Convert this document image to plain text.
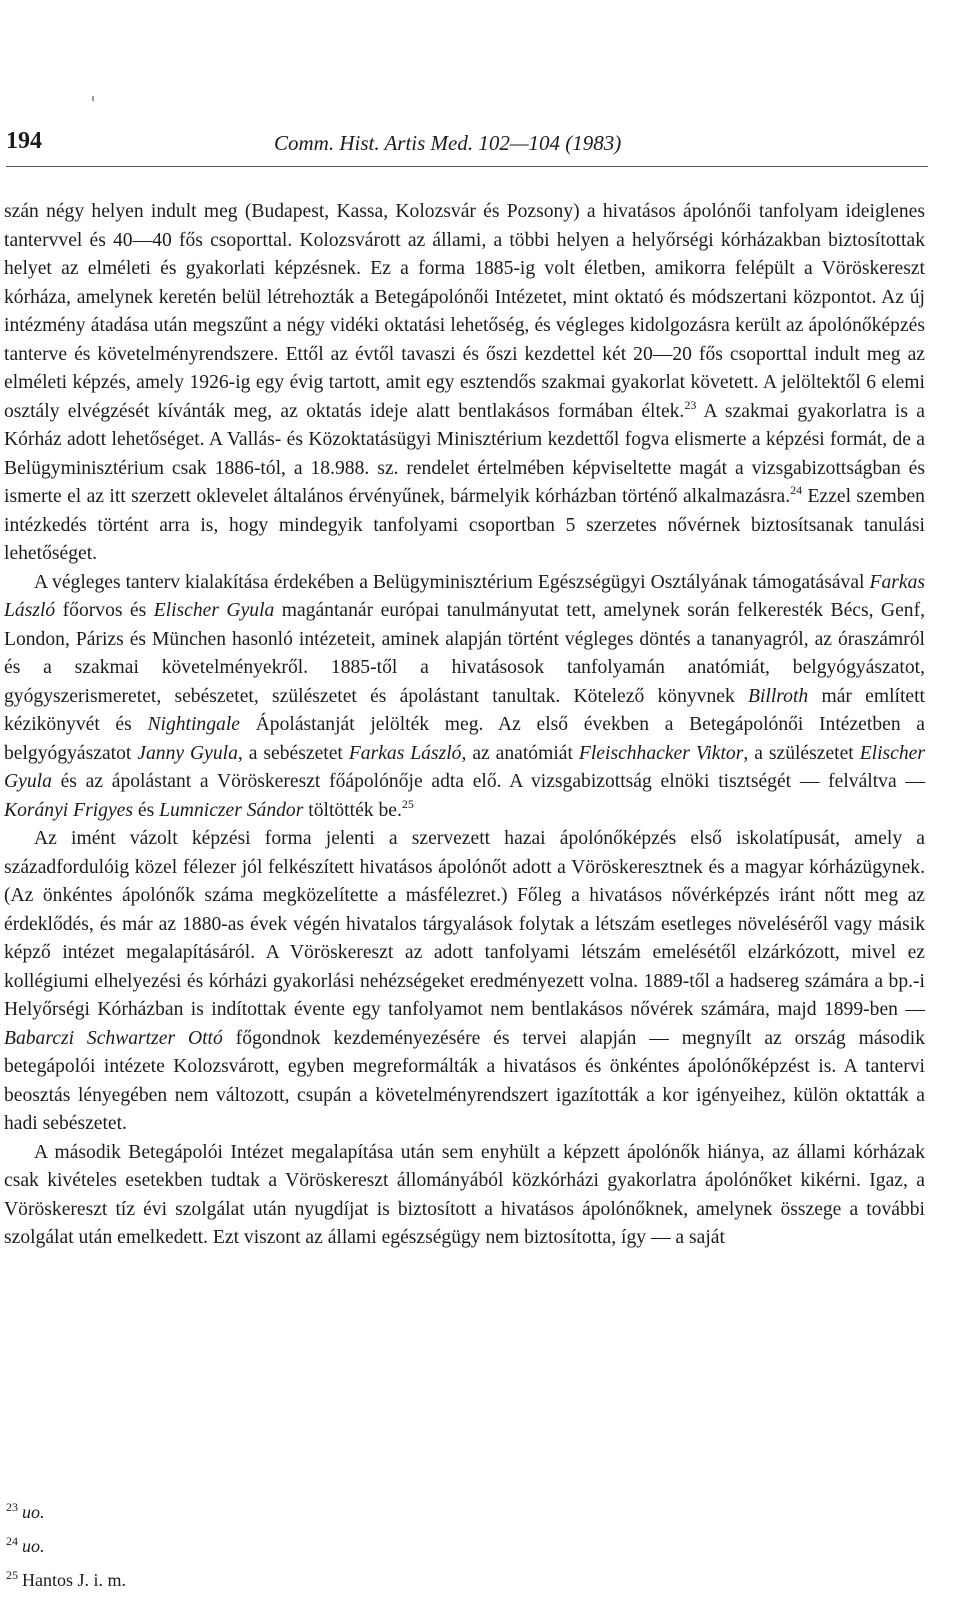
194	Comm. Hist. Artis Med. 102—104 (1983)

szán négy helyen indult meg (Budapest, Kassa, Kolozsvár és Pozsony) a hivatásos ápolónői tanfolyam ideiglenes tantervvel és 40—40 fős csoporttal. Kolozsvárott az állami, a többi helyen a helyőrségi kórházakban biztosítottak helyet az elméleti és gyakorlati képzésnek. Ez a forma 1885-ig volt életben, amikorra felépült a Vöröskereszt kórháza, amelynek keretén belül létrehozták a Betegápolónői Intézetet, mint oktató és módszertani központot. Az új intézmény átadása után megszűnt a négy vidéki oktatási lehetőség, és végleges kidolgozásra került az ápolónőképzés tanterve és követelményrendszere. Ettől az évtől tavaszi és őszi kezdettel két 20—20 fős csoporttal indult meg az elméleti képzés, amely 1926-ig egy évig tartott, amit egy esztendős szakmai gyakorlat követett. A jelöltektől 6 elemi osztály elvégzését kívánták meg, az oktatás ideje alatt bentlakásos formában éltek.$^{23}$ A szakmai gyakorlatra is a Kórház adott lehetőséget. A Vallás- és Közoktatásügyi Minisztérium kezdettől fogva elismerte a képzési formát, de a Belügyminisztérium csak 1886-tól, a 18.988. sz. rendelet értelmében képviseltette magát a vizsgabizottságban és ismerte el az itt szerzett oklevelet általános érvényűnek, bármelyik kórházban történő alkalmazásra.$^{24}$ Ezzel szemben intézkedés történt arra is, hogy mindegyik tanfolyami csoportban 5 szerzetes nővérnek biztosítsanak tanulási lehetőséget.

A végleges tanterv kialakítása érdekében a Belügyminisztérium Egészségügyi Osztályának támogatásával Farkas László főorvos és Elischer Gyula magántanár európai tanulmányutat tett, amelynek során felkeresték Bécs, Genf, London, Párizs és München hasonló intézeteit, aminek alapján történt végleges döntés a tananyagról, az óraszámról és a szakmai követelményekről. 1885-től a hivatásosok tanfolyamán anatómiát, belgyógyászatot, gyógyszerismeretet, sebészetet, szülészetet és ápolástant tanultak. Kötelező könyvnek Billroth már említett kézikönyvét és Nightingale Ápolástanját jelölték meg. Az első években a Betegápolónői Intézetben a belgyógyászatot Janny Gyula, a sebészetet Farkas László, az anatómiát Fleischhacker Viktor, a szülészetet Elischer Gyula és az ápolástant a Vöröskereszt főápolónője adta elő. A vizsgabizottság elnöki tisztségét — felváltva — Korányi Frigyes és Lumniczer Sándor töltötték be.$^{25}$

Az imént vázolt képzési forma jelenti a szervezett hazai ápolónőképzés első iskolatípusát, amely a századfordulóig közel félezer jól felkészített hivatásos ápolónőt adott a Vöröskeresztnek és a magyar kórházügynek. (Az önkéntes ápolónők száma megközelítette a másfélezret.) Főleg a hivatásos nővérképzés iránt nőtt meg az érdeklődés, és már az 1880-as évek végén hivatalos tárgyalások folytak a létszám esetleges növeléséről vagy másik képző intézet megalapításáról. A Vöröskereszt az adott tanfolyami létszám emelésétől elzárkózott, mivel ez kollégiumi elhelyezési és kórházi gyakorlási nehézségeket eredményezett volna. 1889-től a hadsereg számára a bp.-i Helyőrségi Kórházban is indítottak évente egy tanfolyamot nem bentlakásos nővérek számára, majd 1899-ben — Babarczi Schwartzer Ottó főgondnok kezdeményezésére és tervei alapján — megnyílt az ország második betegápolói intézete Kolozsvárott, egyben megreformálták a hivatásos és önkéntes ápolónőképzést is. A tantervi beosztás lényegében nem változott, csupán a követelményrendszert igazították a kor igényeihez, külön oktatták a hadi sebészetet.

A második Betegápolói Intézet megalapítása után sem enyhült a képzett ápolónők hiánya, az állami kórházak csak kivételes esetekben tudtak a Vöröskereszt állományából közkórházi gyakorlatra ápolónőket kikérni. Igaz, a Vöröskereszt tíz évi szolgálat után nyugdíjat is biztosított a hivatásos ápolónőknek, amelynek összege a további szolgálat után emelkedett. Ezt viszont az állami egészségügy nem biztosította, így — a saját

$^{23}$ uo.
$^{24}$ uo.
$^{25}$ Hantos J. i. m.
